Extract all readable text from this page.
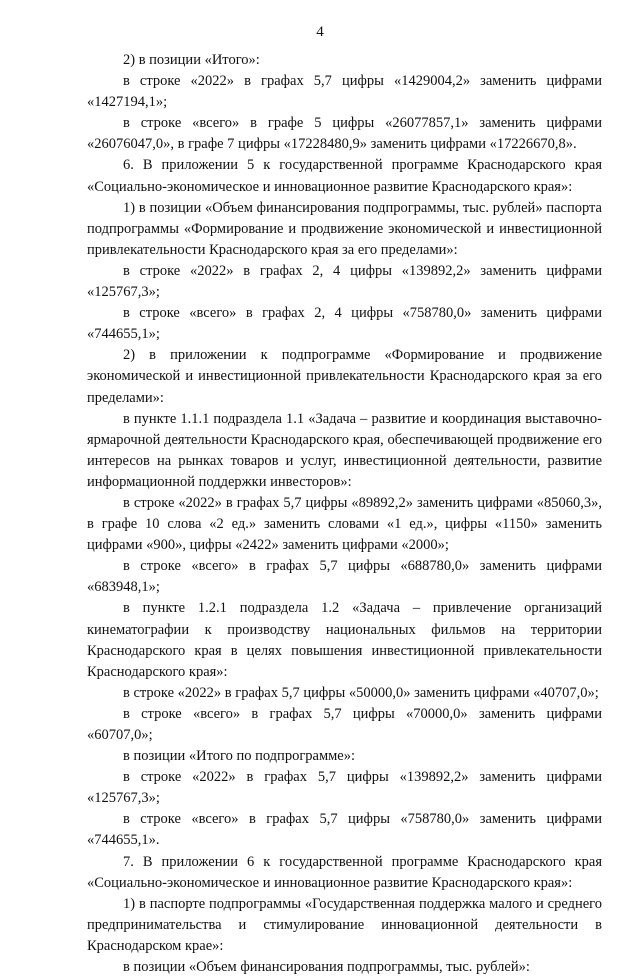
4

2) в позиции «Итого»:

в строке «2022» в графах 5,7 цифры «1429004,2» заменить цифрами «1427194,1»;

в строке «всего» в графе 5 цифры «26077857,1» заменить цифрами «26076047,0», в графе 7 цифры «17228480,9» заменить цифрами «17226670,8».

6. В приложении 5 к государственной программе Краснодарского края «Социально-экономическое и инновационное развитие Краснодарского края»:

1) в позиции «Объем финансирования подпрограммы, тыс. рублей» паспорта подпрограммы «Формирование и продвижение экономической и инвестиционной привлекательности Краснодарского края за его пределами»:

в строке «2022» в графах 2, 4 цифры «139892,2» заменить цифрами «125767,3»;

в строке «всего» в графах 2, 4 цифры «758780,0» заменить цифрами «744655,1»;

2) в приложении к подпрограмме «Формирование и продвижение экономической и инвестиционной привлекательности Краснодарского края за его пределами»:

в пункте 1.1.1 подраздела 1.1 «Задача – развитие и координация выставочно-ярмарочной деятельности Краснодарского края, обеспечивающей продвижение его интересов на рынках товаров и услуг, инвестиционной деятельности, развитие информационной поддержки инвесторов»:

в строке «2022» в графах 5,7 цифры «89892,2» заменить цифрами «85060,3», в графе 10 слова «2 ед.» заменить словами «1 ед.», цифры «1150» заменить цифрами «900», цифры «2422» заменить цифрами «2000»;

в строке «всего» в графах 5,7 цифры «688780,0» заменить цифрами «683948,1»;

в пункте 1.2.1 подраздела 1.2 «Задача – привлечение организаций кинематографии к производству национальных фильмов на территории Краснодарского края в целях повышения инвестиционной привлекательности Краснодарского края»:

в строке «2022» в графах 5,7 цифры «50000,0» заменить цифрами «40707,0»;

в строке «всего» в графах 5,7 цифры «70000,0» заменить цифрами «60707,0»;

в позиции «Итого по подпрограмме»:

в строке «2022» в графах 5,7 цифры «139892,2» заменить цифрами «125767,3»;

в строке «всего» в графах 5,7 цифры «758780,0» заменить цифрами «744655,1».

7. В приложении 6 к государственной программе Краснодарского края «Социально-экономическое и инновационное развитие Краснодарского края»:

1) в паспорте подпрограммы «Государственная поддержка малого и среднего предпринимательства и стимулирование инновационной деятельности в Краснодарском крае»:

в позиции «Объем финансирования подпрограммы, тыс. рублей»:
